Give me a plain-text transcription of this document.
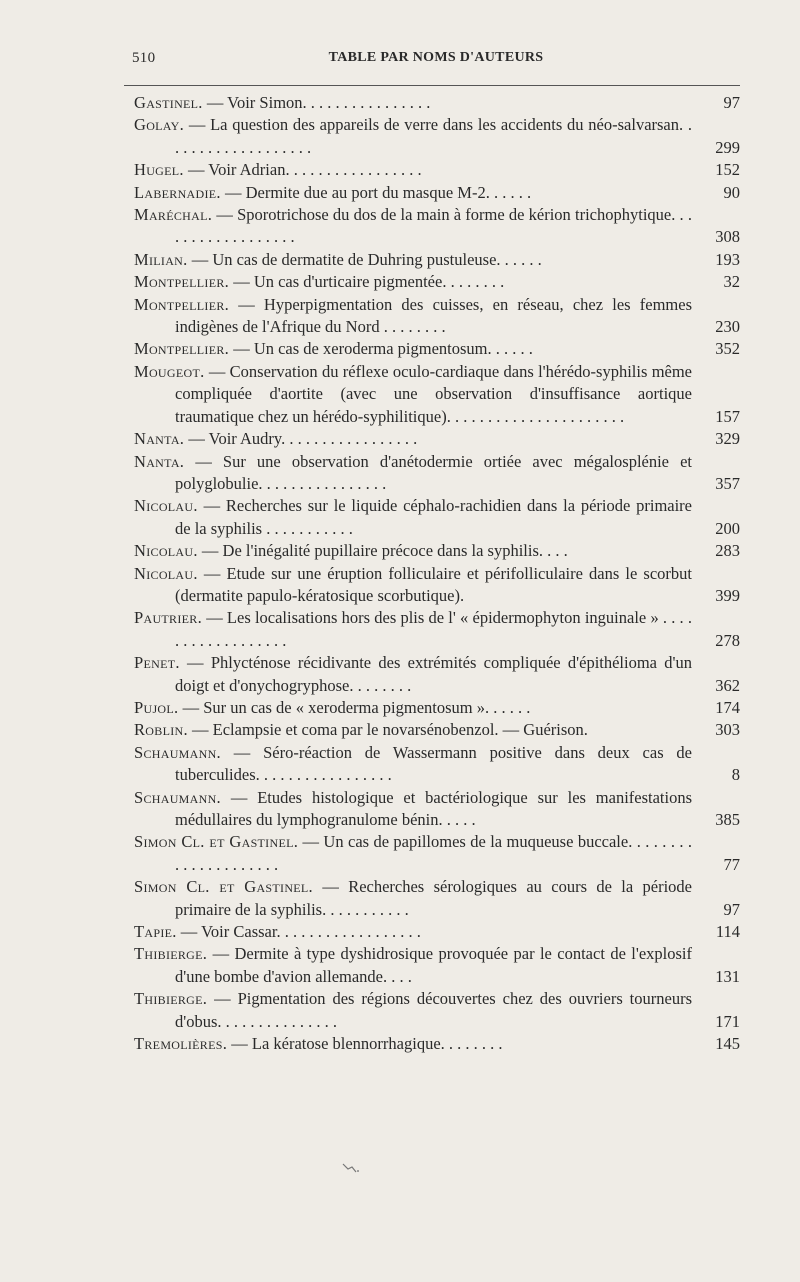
510	TABLE PAR NOMS D'AUTEURS
Gastinel. — Voir Simon. . . . . . . . . . . . . . . .	97
Golay. — La question des appareils de verre dans les accidents du néo-salvarsan. . . . . . . . . . . . . . . . . . .	299
Hugel. — Voir Adrian. . . . . . . . . . . . . . . . .	152
Labernadie. — Dermite due au port du masque M-2. . . . . .	90
Maréchal. — Sporotrichose du dos de la main à forme de kérion trichophytique. . . . . . . . . . . . . . . . . .	308
Milian. — Un cas de dermatite de Duhring pustuleuse. . . . . .	193
Montpellier. — Un cas d'urticaire pigmentée. . . . . . . .	32
Montpellier. — Hyperpigmentation des cuisses, en réseau, chez les femmes indigènes de l'Afrique du Nord . . . . . . . .	230
Montpellier. — Un cas de xeroderma pigmentosum. . . . . .	352
Mougeot. — Conservation du réflexe oculo-cardiaque dans l'hérédo-syphilis même compliquée d'aortite (avec une observation d'insuffisance aortique traumatique chez un hérédo-syphilitique). . . . . . . . . . . . . . . . . . . . . .	157
Nanta. — Voir Audry. . . . . . . . . . . . . . . . .	329
Nanta. — Sur une observation d'anétodermie ortiée avec mégalosplénie et polyglobulie. . . . . . . . . . . . . . . .	357
Nicolau. — Recherches sur le liquide céphalo-rachidien dans la période primaire de la syphilis . . . . . . . . . . .	200
Nicolau. — De l'inégalité pupillaire précoce dans la syphilis. . . .	283
Nicolau. — Etude sur une éruption folliculaire et périfolliculaire dans le scorbut (dermatite papulo-kératosique scorbutique).	399
Pautrier. — Les localisations hors des plis de l' « épidermophyton inguinale » . . . . . . . . . . . . . . . . . .	278
Penet. — Phlycténose récidivante des extrémités compliquée d'épithélioma d'un doigt et d'onychogryphose. . . . . . . .	362
Pujol. — Sur un cas de « xeroderma pigmentosum ». . . . . .	174
Roblin. — Eclampsie et coma par le novarsénobenzol. — Guérison.	303
Schaumann. — Séro-réaction de Wassermann positive dans deux cas de tuberculides. . . . . . . . . . . . . . . . .	8
Schaumann. — Etudes histologique et bactériologique sur les manifestations médullaires du lymphogranulome bénin. . . . .	385
Simon Cl. et Gastinel. — Un cas de papillomes de la muqueuse buccale. . . . . . . . . . . . . . . . . . . . .	77
Simon Cl. et Gastinel. — Recherches sérologiques au cours de la période primaire de la syphilis. . . . . . . . . . .	97
Tapie. — Voir Cassar. . . . . . . . . . . . . . . . . .	114
Thibierge. — Dermite à type dyshidrosique provoquée par le contact de l'explosif d'une bombe d'avion allemande. . . .	131
Thibierge. — Pigmentation des régions découvertes chez des ouvriers tourneurs d'obus. . . . . . . . . . . . . . .	171
Tremolières. — La kératose blennorrhagique. . . . . . . .	145
